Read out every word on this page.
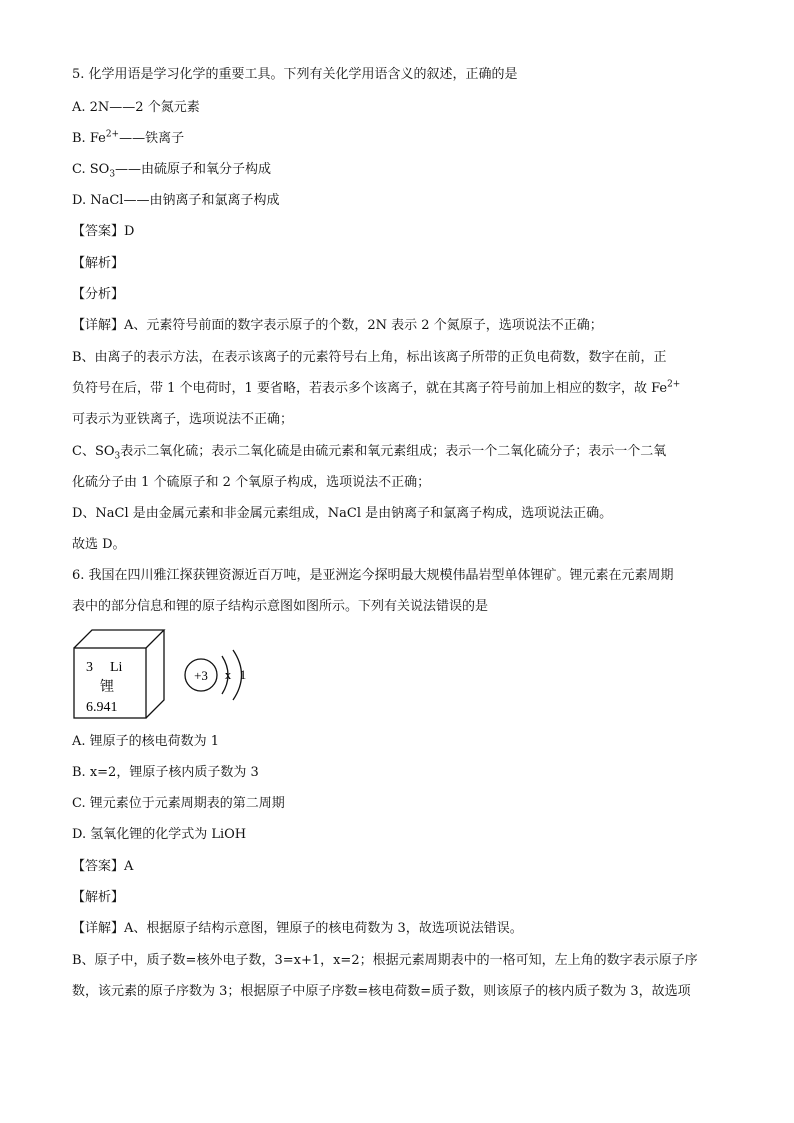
5. 化学用语是学习化学的重要工具。下列有关化学用语含义的叙述，正确的是
A. 2N——2 个氮元素
B. $Fe^{2+}——$铁离子
C. $SO_3——$由硫原子和氧分子构成
D. NaCl——由钠离子和氯离子构成
【答案】D
【解析】
【分析】
【详解】A、元素符号前面的数字表示原子的个数，2N 表示 2 个氮原子，选项说法不正确；
B、由离子的表示方法，在表示该离子的元素符号右上角，标出该离子所带的正负电荷数，数字在前，正
负符号在后，带 1 个电荷时，1 要省略，若表示多个该离子，就在其离子符号前加上相应的数字，故 $Fe^{2+}$
可表示为亚铁离子，选项说法不正确；
C、$SO_3$表示二氧化硫；表示二氧化硫是由硫元素和氧元素组成；表示一个二氧化硫分子；表示一个二氧
化硫分子由 1 个硫原子和 2 个氧原子构成，选项说法不正确；
D、NaCl 是由金属元素和非金属元素组成，NaCl 是由钠离子和氯离子构成，选项说法正确。
故选 D。
6. 我国在四川雅江探获锂资源近百万吨，是亚洲迄今探明最大规模伟晶岩型单体锂矿。锂元素在元素周期
表中的部分信息和锂的原子结构示意图如图所示。下列有关说法错误的是
3 Li
锂
6.941
+3 x 1
A. 锂原子的核电荷数为 1
B. x=2，锂原子核内质子数为 3
C. 锂元素位于元素周期表的第二周期
D. 氢氧化锂的化学式为 LiOH
【答案】A
【解析】
【详解】A、根据原子结构示意图，锂原子的核电荷数为 3，故选项说法错误。
B、原子中，质子数=核外电子数，3=x+1，x=2；根据元素周期表中的一格可知，左上角的数字表示原子序
数，该元素的原子序数为 3；根据原子中原子序数=核电荷数=质子数，则该原子的核内质子数为 3，故选项
